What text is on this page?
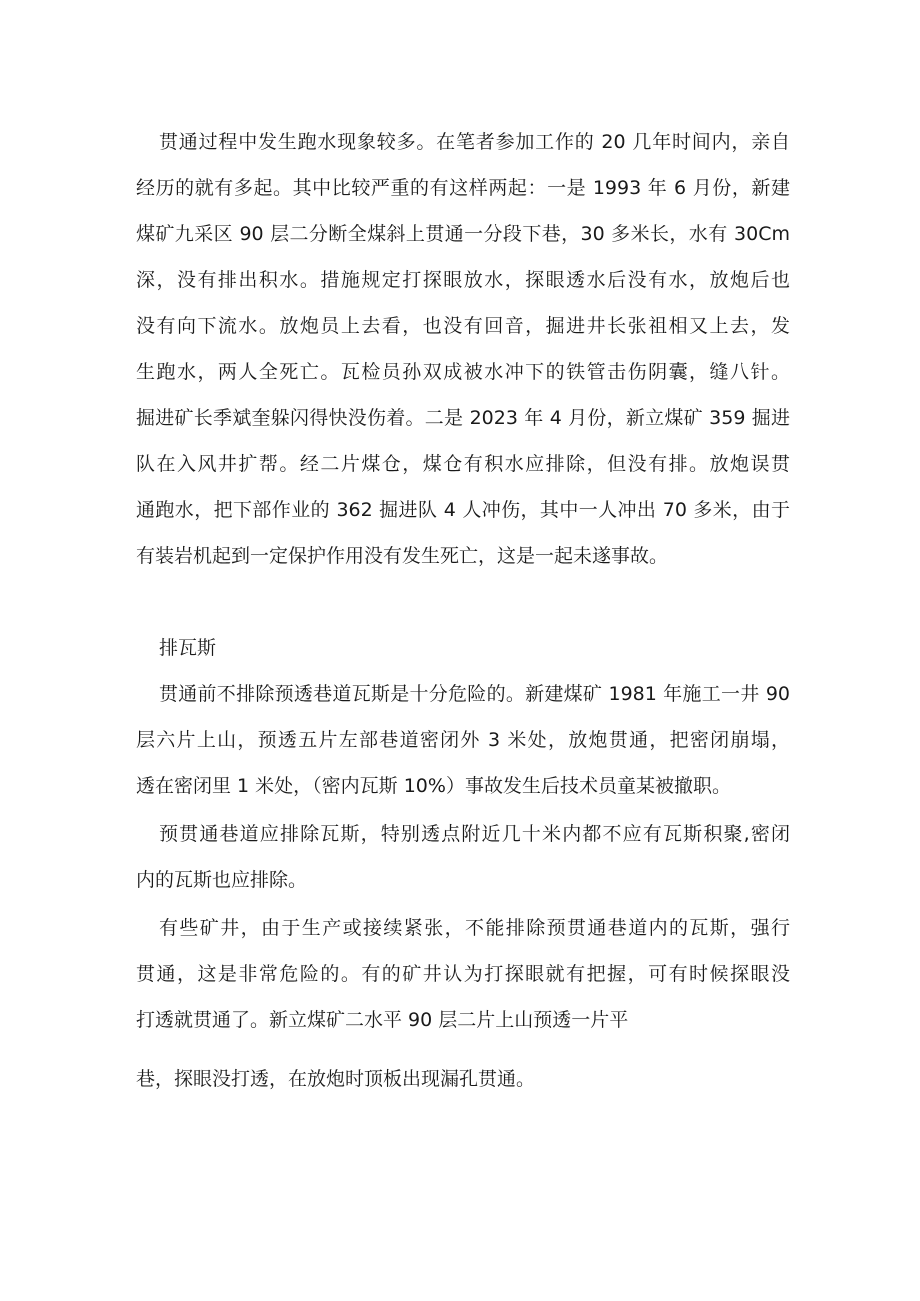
贯通过程中发生跑水现象较多。在笔者参加工作的 20 几年时间内，亲自

经历的就有多起。其中比较严重的有这样两起：一是 1993 年 6 月份，新建

煤矿九采区 90 层二分断全煤斜上贯通一分段下巷，30 多米长，水有 30Cm

深，没有排出积水。措施规定打探眼放水，探眼透水后没有水，放炮后也

没有向下流水。放炮员上去看，也没有回音，掘进井长张祖相又上去，发

生跑水，两人全死亡。瓦检员孙双成被水冲下的铁管击伤阴囊，缝八针。

掘进矿长季斌奎躲闪得快没伤着。二是 2023 年 4 月份，新立煤矿 359 掘进

队在入风井扩帮。经二片煤仓，煤仓有积水应排除，但没有排。放炮误贯

通跑水，把下部作业的 362 掘进队 4 人冲伤，其中一人冲出 70 多米，由于

有装岩机起到一定保护作用没有发生死亡，这是一起未遂事故。

排瓦斯

贯通前不排除预透巷道瓦斯是十分危险的。新建煤矿 1981 年施工一井 90

层六片上山，预透五片左部巷道密闭外 3 米处，放炮贯通，把密闭崩塌，

透在密闭里 1 米处，（密内瓦斯 10%）事故发生后技术员童某被撤职。

预贯通巷道应排除瓦斯，特别透点附近几十米内都不应有瓦斯积聚,密闭

内的瓦斯也应排除。

有些矿井，由于生产或接续紧张，不能排除预贯通巷道内的瓦斯，强行

贯通，这是非常危险的。有的矿井认为打探眼就有把握，可有时候探眼没

打透就贯通了。新立煤矿二水平 90 层二片上山预透一片平

巷，探眼没打透，在放炮时顶板出现漏孔贯通。
